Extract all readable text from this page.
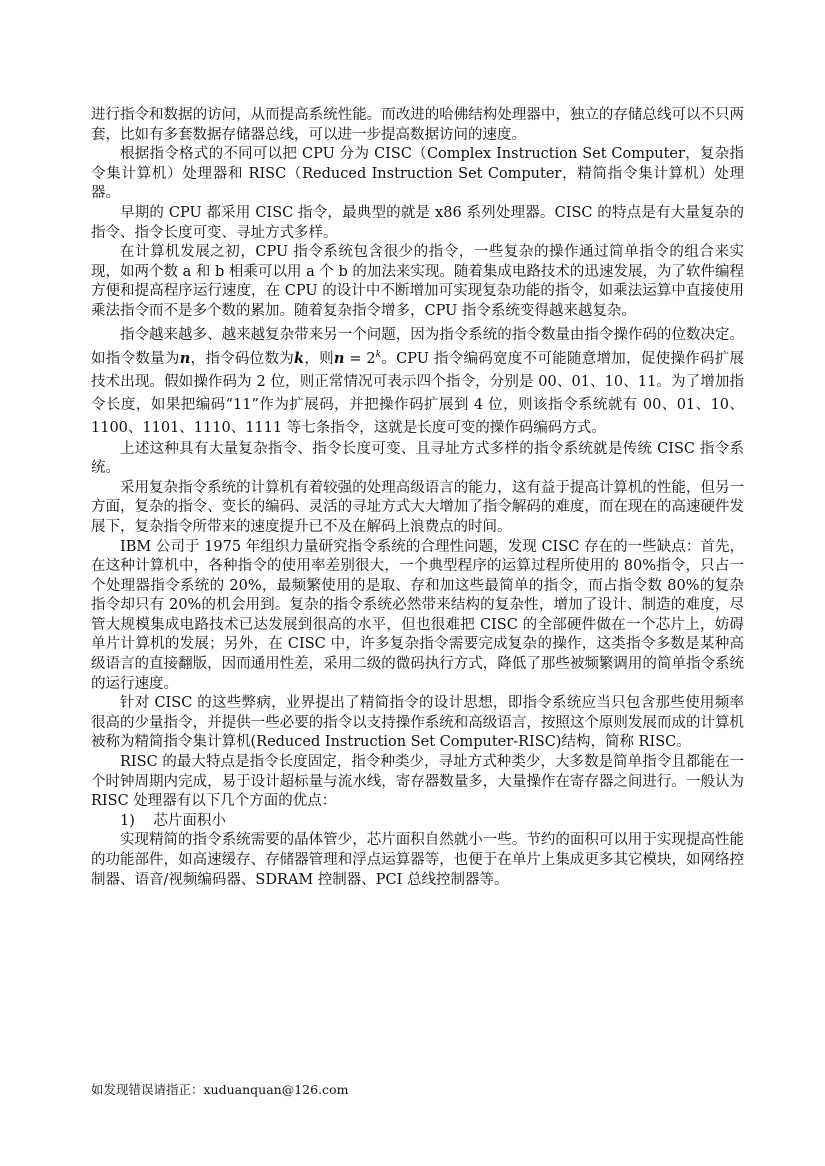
进行指令和数据的访问，从而提高系统性能。而改进的哈佛结构处理器中，独立的存储总线可以不只两套，比如有多套数据存储器总线，可以进一步提高数据访问的速度。

根据指令格式的不同可以把 CPU 分为 CISC（Complex Instruction Set Computer，复杂指令集计算机）处理器和 RISC（Reduced Instruction Set Computer，精简指令集计算机）处理器。

早期的 CPU 都采用 CISC 指令，最典型的就是 x86 系列处理器。CISC 的特点是有大量复杂的指令、指令长度可变、寻址方式多样。

在计算机发展之初，CPU 指令系统包含很少的指令，一些复杂的操作通过简单指令的组合来实现，如两个数 a 和 b 相乘可以用 a 个 b 的加法来实现。随着集成电路技术的迅速发展，为了软件编程方便和提高程序运行速度，在 CPU 的设计中不断增加可实现复杂功能的指令，如乘法运算中直接使用乘法指令而不是多个数的累加。随着复杂指令增多，CPU 指令系统变得越来越复杂。

指令越来越多、越来越复杂带来另一个问题，因为指令系统的指令数量由指令操作码的位数决定。如指令数量为n，指令码位数为k，则$n = 2^k$。CPU 指令编码宽度不可能随意增加，促使操作码扩展技术出现。假如操作码为 2 位，则正常情况可表示四个指令，分别是 00、01、10、11。为了增加指令长度，如果把编码“11”作为扩展码，并把操作码扩展到 4 位，则该指令系统就有 00、01、10、1100、1101、1110、1111 等七条指令，这就是长度可变的操作码编码方式。

上述这种具有大量复杂指令、指令长度可变、且寻址方式多样的指令系统就是传统 CISC 指令系统。

采用复杂指令系统的计算机有着较强的处理高级语言的能力，这有益于提高计算机的性能，但另一方面，复杂的指令、变长的编码、灵活的寻址方式大大增加了指令解码的难度，而在现在的高速硬件发展下，复杂指令所带来的速度提升已不及在解码上浪费点的时间。

IBM 公司于 1975 年组织力量研究指令系统的合理性问题，发现 CISC 存在的一些缺点：首先，在这种计算机中，各种指令的使用率差别很大，一个典型程序的运算过程所使用的 80%指令，只占一个处理器指令系统的 20%，最频繁使用的是取、存和加这些最简单的指令，而占指令数 80%的复杂指令却只有 20%的机会用到。复杂的指令系统必然带来结构的复杂性，增加了设计、制造的难度，尽管大规模集成电路技术已达发展到很高的水平，但也很难把 CISC 的全部硬件做在一个芯片上，妨碍单片计算机的发展；另外，在 CISC 中，许多复杂指令需要完成复杂的操作，这类指令多数是某种高级语言的直接翻版，因而通用性差，采用二级的微码执行方式，降低了那些被频繁调用的简单指令系统的运行速度。

针对 CISC 的这些弊病，业界提出了精简指令的设计思想，即指令系统应当只包含那些使用频率很高的少量指令，并提供一些必要的指令以支持操作系统和高级语言，按照这个原则发展而成的计算机被称为精简指令集计算机(Reduced Instruction Set Computer-RISC)结构，简称 RISC。

RISC 的最大特点是指令长度固定，指令种类少，寻址方式种类少，大多数是简单指令且都能在一个时钟周期内完成，易于设计超标量与流水线，寄存器数量多，大量操作在寄存器之间进行。一般认为 RISC 处理器有以下几个方面的优点：

1)    芯片面积小

实现精简的指令系统需要的晶体管少，芯片面积自然就小一些。节约的面积可以用于实现提高性能的功能部件，如高速缓存、存储器管理和浮点运算器等，也便于在单片上集成更多其它模块，如网络控制器、语音/视频编码器、SDRAM 控制器、PCI 总线控制器等。

如发现错误请指正：xuduanquan@126.com
